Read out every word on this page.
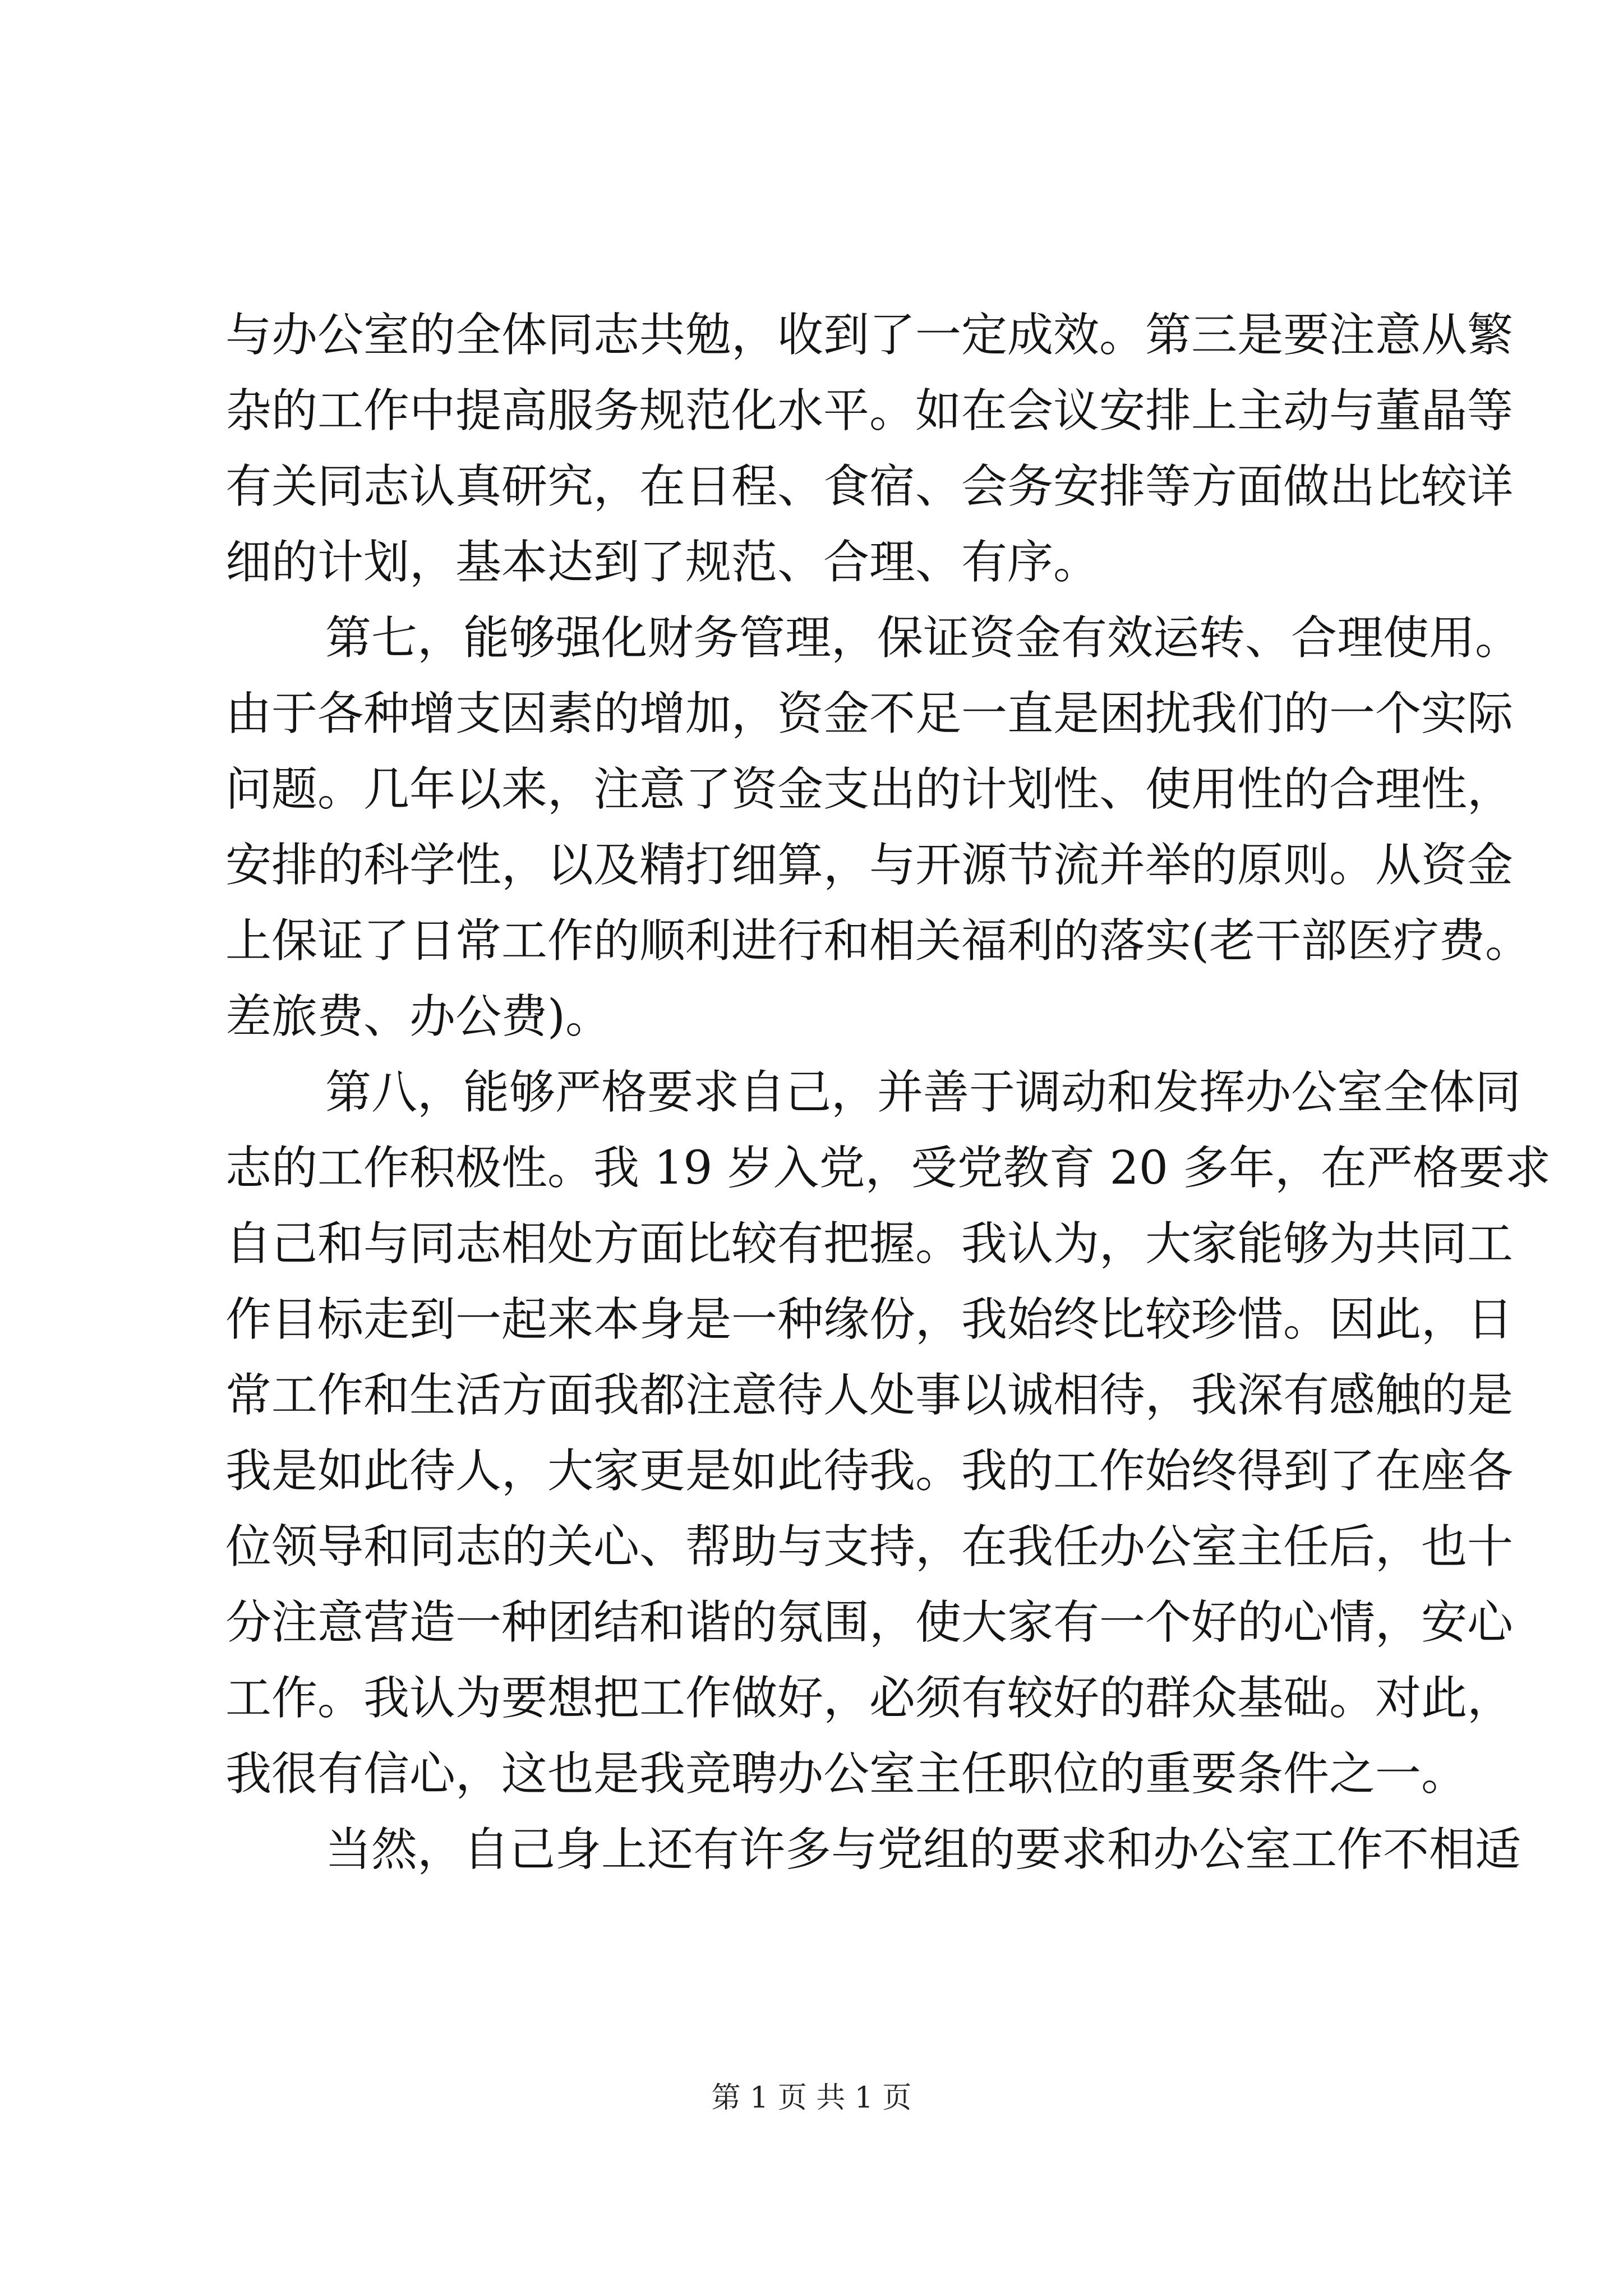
与办公室的全体同志共勉，收到了一定成效。第三是要注意从繁
杂的工作中提高服务规范化水平。如在会议安排上主动与董晶等
有关同志认真研究，在日程、食宿、会务安排等方面做出比较详
细的计划，基本达到了规范、合理、有序。
第七，能够强化财务管理，保证资金有效运转、合理使用。
由于各种增支因素的增加，资金不足一直是困扰我们的一个实际
问题。几年以来，注意了资金支出的计划性、使用性的合理性，
安排的科学性，以及精打细算，与开源节流并举的原则。从资金
上保证了日常工作的顺利进行和相关福利的落实(老干部医疗费。
差旅费、办公费)。
第八，能够严格要求自己，并善于调动和发挥办公室全体同
志的工作积极性。我 19 岁入党，受党教育 20 多年，在严格要求
自己和与同志相处方面比较有把握。我认为，大家能够为共同工
作目标走到一起来本身是一种缘份，我始终比较珍惜。因此，日
常工作和生活方面我都注意待人处事以诚相待，我深有感触的是
我是如此待人，大家更是如此待我。我的工作始终得到了在座各
位领导和同志的关心、帮助与支持，在我任办公室主任后，也十
分注意营造一种团结和谐的氛围，使大家有一个好的心情，安心
工作。我认为要想把工作做好，必须有较好的群众基础。对此，
我很有信心，这也是我竞聘办公室主任职位的重要条件之一。
当然，自己身上还有许多与党组的要求和办公室工作不相适
第 1 页 共 1 页
